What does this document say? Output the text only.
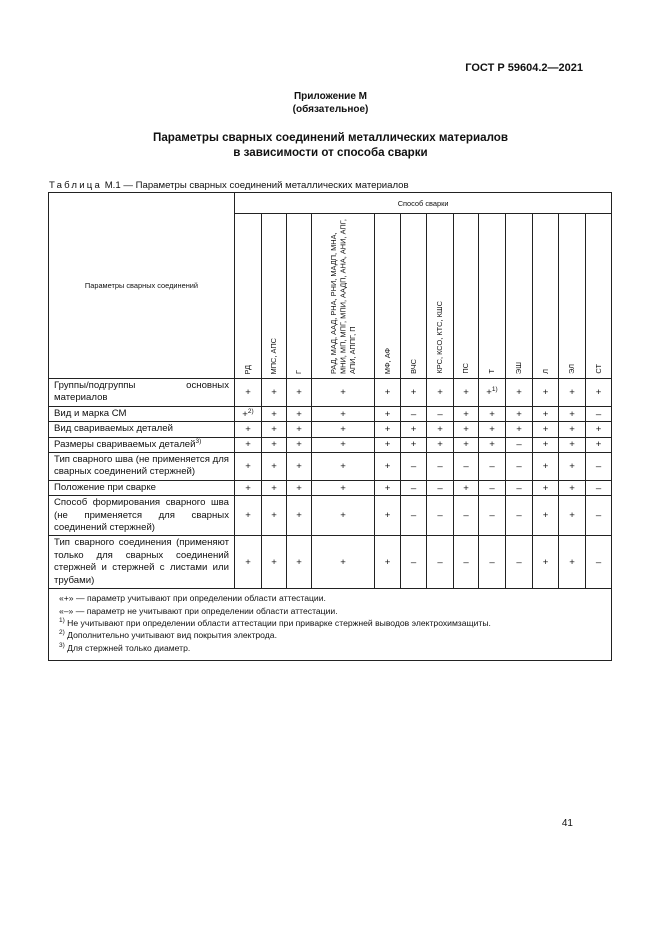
ГОСТ Р 59604.2—2021
Приложение М
(обязательное)
Параметры сварных соединений металлических материалов
в зависимости от способа сварки
Таблица М.1 — Параметры сварных соединений металлических материалов
Параметры сварных соединений	Способ сварки												

	РД	МПС, АПС	Г	РАД, МАД, ААД, РНА, РНИ, МАДП, МНА, МНИ, МП, МПГ, МПИ, ААДП, АНА, АНИ, АПГ, АПИ, АППГ, П	МФ, АФ	ВЧС	КРС, КСО, КТС, КШС	ПС	Т	ЭШ	Л	ЭЛ	СТ

Группы/подгруппы основных материалов	+	+	+	+	+	+	+	+	+$^{1)}$	+	+	+	+
Вид и марка СМ	+$^{2)}$	+	+	+	+	–	–	+	+	+	+	+	–
Вид свариваемых деталей	+	+	+	+	+	+	+	+	+	+	+	+	+
Размеры свариваемых деталей$^{3)}$	+	+	+	+	+	+	+	+	+	–	+	+	+
Тип сварного шва (не применяется для сварных соединений стержней)	+	+	+	+	+	–	–	–	–	–	+	+	–
Положение при сварке	+	+	+	+	+	–	–	+	–	–	+	+	–
Способ формирования сварного шва (не применяется для сварных соединений стержней)	+	+	+	+	+	–	–	–	–	–	+	+	–
Тип сварного соединения (применяют только для сварных соединений стержней и стержней с листами или трубами)	+	+	+	+	+	–	–	–	–	–	+	+	–

«+» — параметр учитывают при определении области аттестации.
«–» — параметр не учитывают при определении области аттестации.
$^{1)}$ Не учитывают при определении области аттестации при приварке стержней выводов электрохимзащиты.
$^{2)}$ Дополнительно учитывают вид покрытия электрода.
$^{3)}$ Для стержней только диаметр.													
41
